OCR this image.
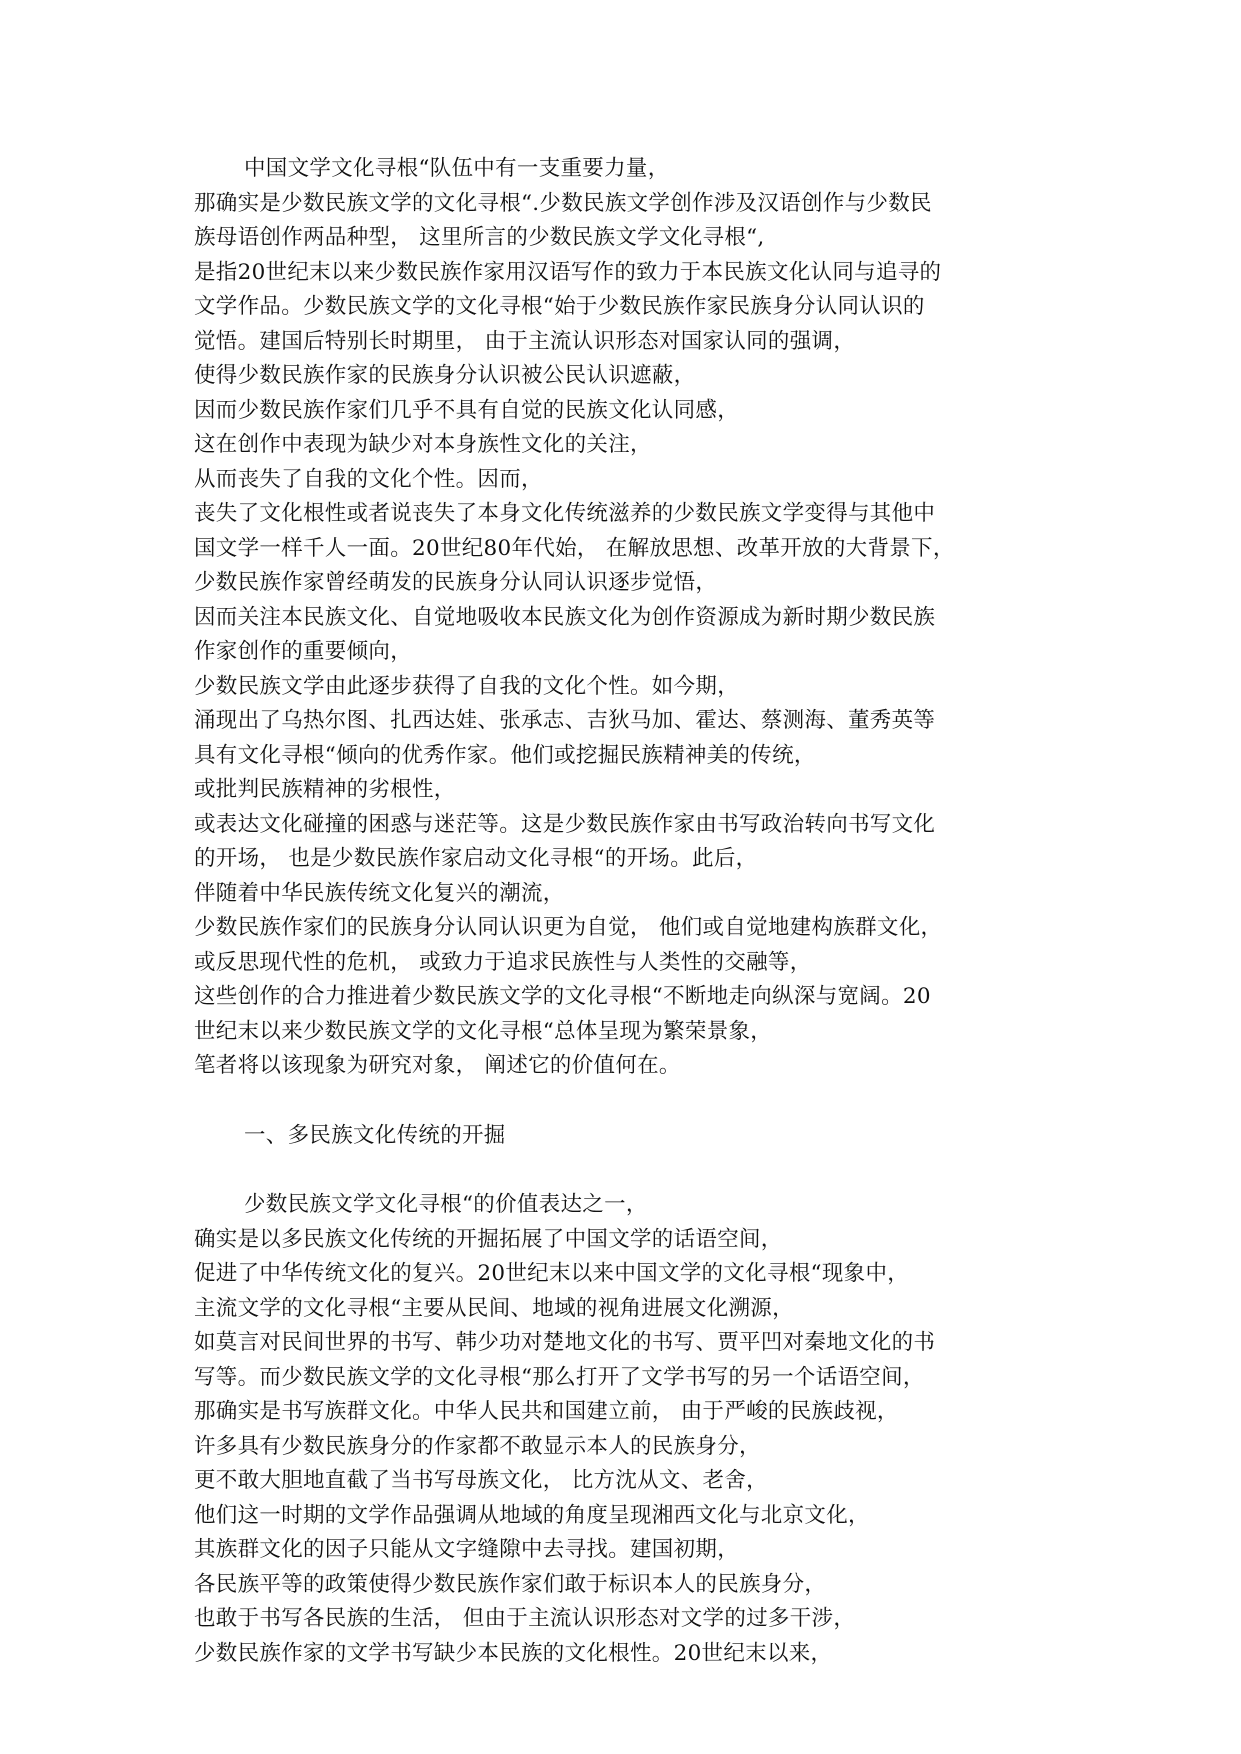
中国文学文化寻根“队伍中有一支重要力量，
那确实是少数民族文学的文化寻根“.少数民族文学创作涉及汉语创作与少数民
族母语创作两品种型， 这里所言的少数民族文学文化寻根“,
是指20世纪末以来少数民族作家用汉语写作的致力于本民族文化认同与追寻的
文学作品。少数民族文学的文化寻根“始于少数民族作家民族身分认同认识的
觉悟。建国后特别长时期里， 由于主流认识形态对国家认同的强调，
使得少数民族作家的民族身分认识被公民认识遮蔽，
因而少数民族作家们几乎不具有自觉的民族文化认同感，
这在创作中表现为缺少对本身族性文化的关注，
从而丧失了自我的文化个性。因而，
丧失了文化根性或者说丧失了本身文化传统滋养的少数民族文学变得与其他中
国文学一样千人一面。20世纪80年代始， 在解放思想、改革开放的大背景下，
少数民族作家曾经萌发的民族身分认同认识逐步觉悟，
因而关注本民族文化、自觉地吸收本民族文化为创作资源成为新时期少数民族
作家创作的重要倾向，
少数民族文学由此逐步获得了自我的文化个性。如今期，
涌现出了乌热尔图、扎西达娃、张承志、吉狄马加、霍达、蔡测海、董秀英等
具有文化寻根“倾向的优秀作家。他们或挖掘民族精神美的传统，
或批判民族精神的劣根性，
或表达文化碰撞的困惑与迷茫等。这是少数民族作家由书写政治转向书写文化
的开场， 也是少数民族作家启动文化寻根“的开场。此后，
伴随着中华民族传统文化复兴的潮流，
少数民族作家们的民族身分认同认识更为自觉， 他们或自觉地建构族群文化，
或反思现代性的危机， 或致力于追求民族性与人类性的交融等，
这些创作的合力推进着少数民族文学的文化寻根“不断地走向纵深与宽阔。20
世纪末以来少数民族文学的文化寻根“总体呈现为繁荣景象，
笔者将以该现象为研究对象， 阐述它的价值何在。
一、多民族文化传统的开掘
少数民族文学文化寻根“的价值表达之一，
确实是以多民族文化传统的开掘拓展了中国文学的话语空间，
促进了中华传统文化的复兴。20世纪末以来中国文学的文化寻根“现象中，
主流文学的文化寻根“主要从民间、地域的视角进展文化溯源，
如莫言对民间世界的书写、韩少功对楚地文化的书写、贾平凹对秦地文化的书
写等。而少数民族文学的文化寻根“那么打开了文学书写的另一个话语空间，
那确实是书写族群文化。中华人民共和国建立前， 由于严峻的民族歧视，
许多具有少数民族身分的作家都不敢显示本人的民族身分，
更不敢大胆地直截了当书写母族文化， 比方沈从文、老舍，
他们这一时期的文学作品强调从地域的角度呈现湘西文化与北京文化，
其族群文化的因子只能从文字缝隙中去寻找。建国初期，
各民族平等的政策使得少数民族作家们敢于标识本人的民族身分，
也敢于书写各民族的生活， 但由于主流认识形态对文学的过多干涉，
少数民族作家的文学书写缺少本民族的文化根性。20世纪末以来，
